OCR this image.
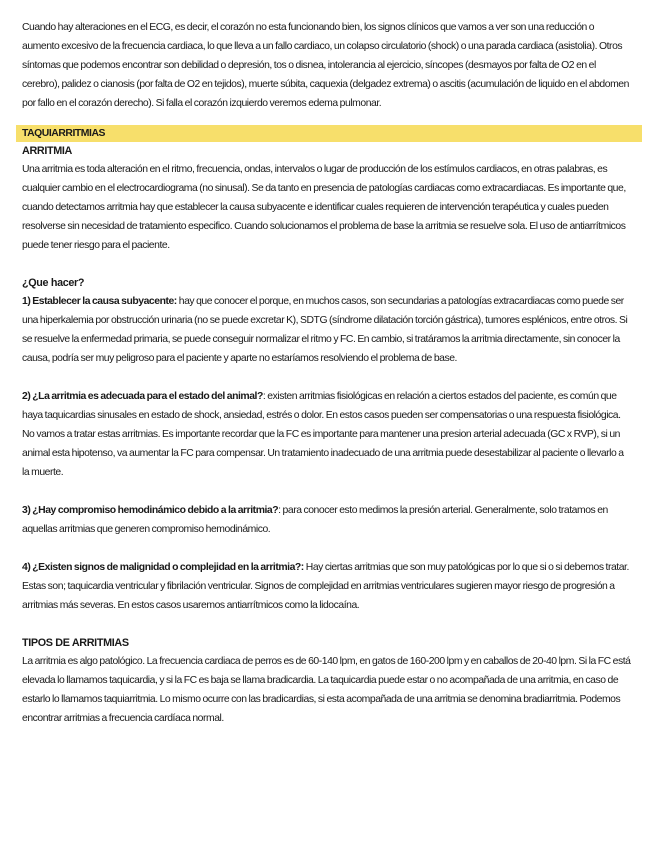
Cuando hay alteraciones en el ECG, es decir, el corazón no esta funcionando bien, los signos clínicos que vamos a ver son una reducción o aumento excesivo de la frecuencia cardiaca, lo que lleva a un fallo cardiaco, un colapso circulatorio (shock) o una parada cardiaca (asistolia). Otros síntomas que podemos encontrar son debilidad o depresión, tos o disnea, intolerancia al ejercicio, síncopes (desmayos por falta de O2 en el cerebro), palidez o cianosis (por falta de O2 en tejidos), muerte súbita, caquexia (delgadez extrema) o ascitis (acumulación de liquido en el abdomen por fallo en el corazón derecho). Si falla el corazón izquierdo veremos edema pulmonar.

TAQUIARRITMIAS
ARRITMIA

Una arritmia es toda alteración en el ritmo, frecuencia, ondas, intervalos o lugar de producción de los estímulos cardiacos, en otras palabras, es cualquier cambio en el electrocardiograma (no sinusal). Se da tanto en presencia de patologías cardiacas como extracardiacas. Es importante que, cuando detectamos arritmia hay que establecer la causa subyacente e identificar cuales requieren de intervención terapéutica y cuales pueden resolverse sin necesidad de tratamiento especifico. Cuando solucionamos el problema de base la arritmia se resuelve sola. El uso de antiarrítmicos puede tener riesgo para el paciente.

¿Que hacer?

1) Establecer la causa subyacente: hay que conocer el porque, en muchos casos, son secundarias a patologías extracardiacas como puede ser una hiperkalemia por obstrucción urinaria (no se puede excretar K), SDTG (síndrome dilatación torción gástrica), tumores esplénicos, entre otros. Si se resuelve la enfermedad primaria, se puede conseguir normalizar el ritmo y FC. En cambio, si tratáramos la arritmia directamente, sin conocer la causa, podría ser muy peligroso para el paciente y aparte no estaríamos resolviendo el problema de base.

2) ¿La arritmia es adecuada para el estado del animal?: existen arritmias fisiológicas en relación a ciertos estados del paciente, es común que haya taquicardias sinusales en estado de shock, ansiedad, estrés o dolor. En estos casos pueden ser compensatorias o una respuesta fisiológica. No vamos a tratar estas arritmias. Es importante recordar que la FC es importante para mantener una presion arterial adecuada (GC x RVP), si un animal esta hipotenso, va aumentar la FC para compensar. Un tratamiento inadecuado de una arritmia puede desestabilizar al paciente o llevarlo a la muerte.

3) ¿Hay compromiso hemodinámico debido a la arritmia?: para conocer esto medimos la presión arterial. Generalmente, solo tratamos en aquellas arritmias que generen compromiso hemodinámico.

4) ¿Existen signos de malignidad o complejidad en la arritmia?: Hay ciertas arritmias que son muy patológicas por lo que si o si debemos tratar. Estas son; taquicardia ventricular y fibrilación ventricular. Signos de complejidad en arritmias ventriculares sugieren mayor riesgo de progresión a arritmias más severas. En estos casos usaremos antiarrítmicos como la lidocaína.

TIPOS DE ARRITMIAS

La arritmia es algo patológico. La frecuencia cardiaca de perros es de 60-140 lpm, en gatos de 160-200 lpm y en caballos de 20-40 lpm. Si la FC está elevada lo llamamos taquicardia, y si la FC es baja se llama bradicardia. La taquicardia puede estar o no acompañada de una arritmia, en caso de estarlo lo llamamos taquiarritmia. Lo mismo ocurre con las bradicardias, si esta acompañada de una arritmia se denomina bradiarritmia. Podemos encontrar arritmias a frecuencia cardíaca normal.
